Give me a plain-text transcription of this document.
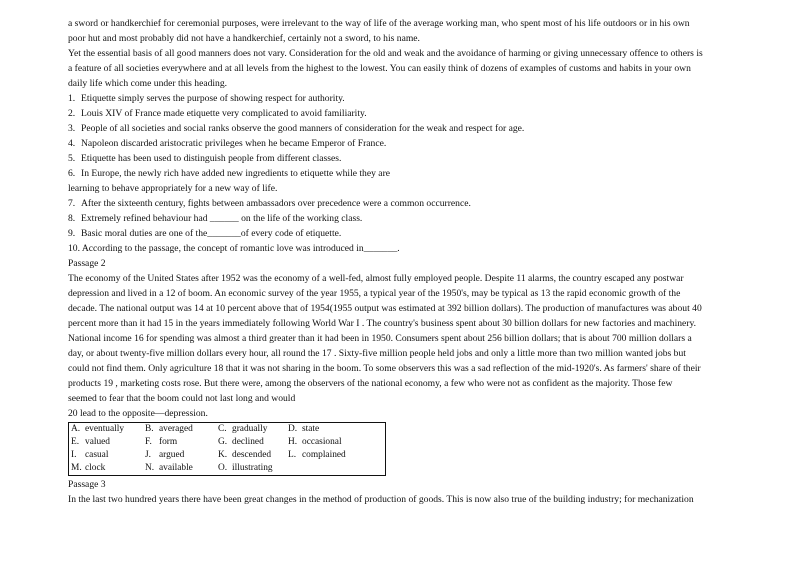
a sword or handkerchief for ceremonial purposes, were irrelevant to the way of life of the average working man, who spent most of his life outdoors or in his own
poor hut and most probably did not have a handkerchief, certainly not a sword, to his name.
Yet the essential basis of all good manners does not vary. Consideration for the old and weak and the avoidance of harming or giving unnecessary offence to others is
a feature of all societies everywhere and at all levels from the highest to the lowest. You can easily think of dozens of examples of customs and habits in your own
daily life which come under this heading.
1. Etiquette simply serves the purpose of showing respect for authority.
2. Louis XIV of France made etiquette very complicated to avoid familiarity.
3. People of all societies and social ranks observe the good manners of consideration for the weak and respect for age.
4. Napoleon discarded aristocratic privileges when he became Emperor of France.
5. Etiquette has been used to distinguish people from different classes.
6. In Europe, the newly rich have added new ingredients to etiquette while they are
learning to behave appropriately for a new way of life.
7. After the sixteenth century, fights between ambassadors over precedence were a common occurrence.
8. Extremely refined behaviour had ______ on the life of the working class.
9. Basic moral duties are one of the_______of every code of etiquette.
10. According to the passage, the concept of romantic love was introduced in_______.
Passage 2
The economy of the United States after 1952 was the economy of a well-fed, almost fully employed people. Despite 11 alarms, the country escaped any postwar
depression and lived in a 12 of boom. An economic survey of the year 1955, a typical year of the 1950's, may be typical as 13 the rapid economic growth of the
decade. The national output was 14 at 10 percent above that of 1954(1955 output was estimated at 392 billion dollars). The production of manufactures was about 40
percent more than it had 15 in the years immediately following World War I . The country's business spent about 30 billion dollars for new factories and machinery.
National income 16 for spending was almost a third greater than it had been in 1950. Consumers spent about 256 billion dollars; that is about 700 million dollars a
day, or about twenty-five million dollars every hour, all round the 17 . Sixty-five million people held jobs and only a little more than two million wanted jobs but
could not find them. Only agriculture 18 that it was not sharing in the boom. To some observers this was a sad reflection of the mid-1920's. As farmers' share of their
products 19 , marketing costs rose. But there were, among the observers of the national economy, a few who were not as confident as the majority. Those few
seemed to fear that the boom could not last long and would
20 lead to the opposite—depression.
A.	eventually	B.	averaged	C.	gradually	D.	state
E.	valued	F.	form	G.	declined	H.	occasional
I.	casual	J.	argued	K.	descended	L.	complained
M.	clock	N.	available	O.	illustrating		
Passage 3
In the last two hundred years there have been great changes in the method of production of goods. This is now also true of the building industry; for mechanization
